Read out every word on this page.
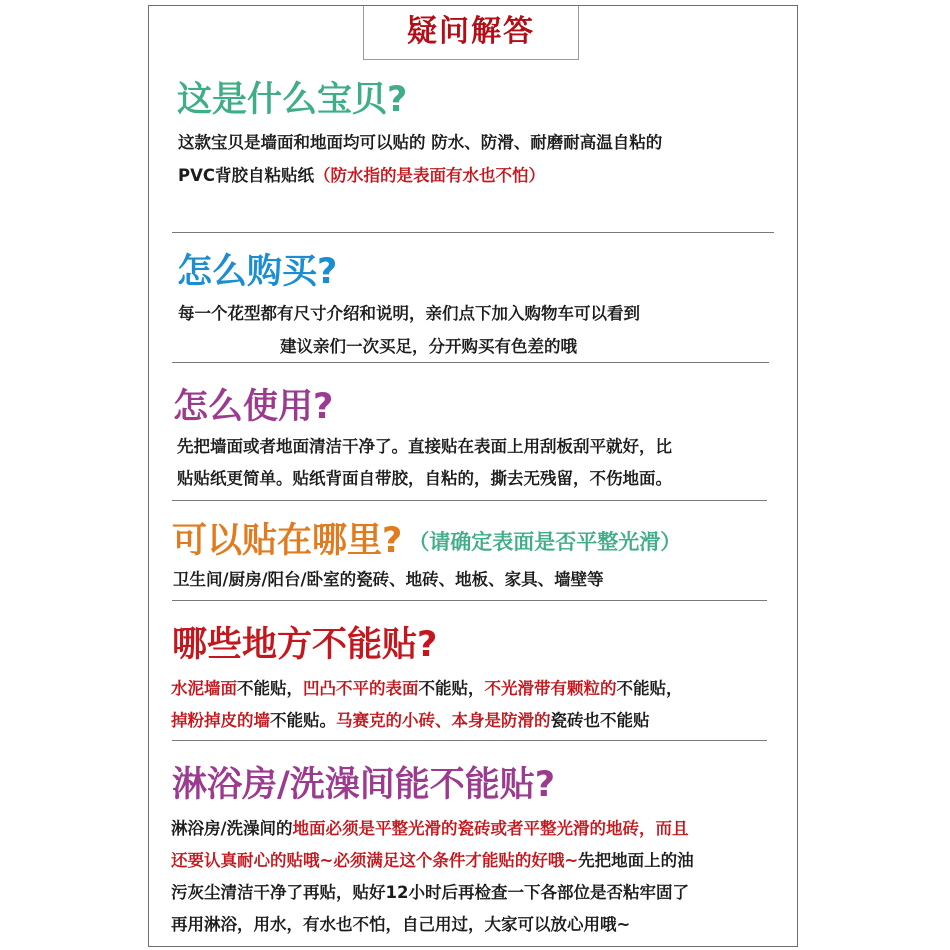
疑问解答
这是什么宝贝?
这款宝贝是墙面和地面均可以贴的 防水、防滑、耐磨耐高温自粘的
PVC背胶自粘贴纸（防水指的是表面有水也不怕）
怎么购买?
每一个花型都有尺寸介绍和说明，亲们点下加入购物车可以看到
建议亲们一次买足，分开购买有色差的哦
怎么使用?
先把墙面或者地面清洁干净了。直接贴在表面上用刮板刮平就好，比
贴贴纸更简单。贴纸背面自带胶，自粘的，撕去无残留，不伤地面。
可以贴在哪里? （请确定表面是否平整光滑）
卫生间/厨房/阳台/卧室的瓷砖、地砖、地板、家具、墙壁等
哪些地方不能贴?
水泥墙面不能贴，凹凸不平的表面不能贴，不光滑带有颗粒的不能贴，
掉粉掉皮的墙不能贴。马赛克的小砖、本身是防滑的瓷砖也不能贴
淋浴房/洗澡间能不能贴?
淋浴房/洗澡间的地面必须是平整光滑的瓷砖或者平整光滑的地砖，而且
还要认真耐心的贴哦~必须满足这个条件才能贴的好哦~先把地面上的油
污灰尘清洁干净了再贴，贴好12小时后再检查一下各部位是否粘牢固了
再用淋浴，用水，有水也不怕，自己用过，大家可以放心用哦~
